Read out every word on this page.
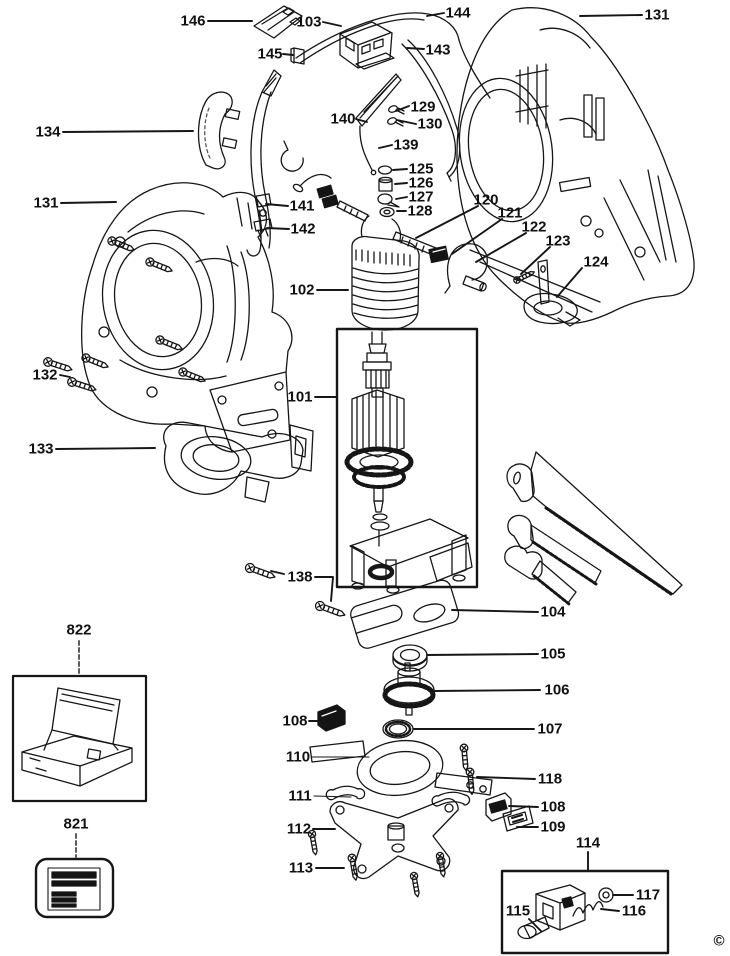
146	103
144
145	143
131
134
140
129
130
139
131
125
126
127
128
141
142
120
121
122
123
124
102
132
101
133
138
822
104
105
106
107
108
110
118
111
108
109
112
114
113
821
115	116
117
©
